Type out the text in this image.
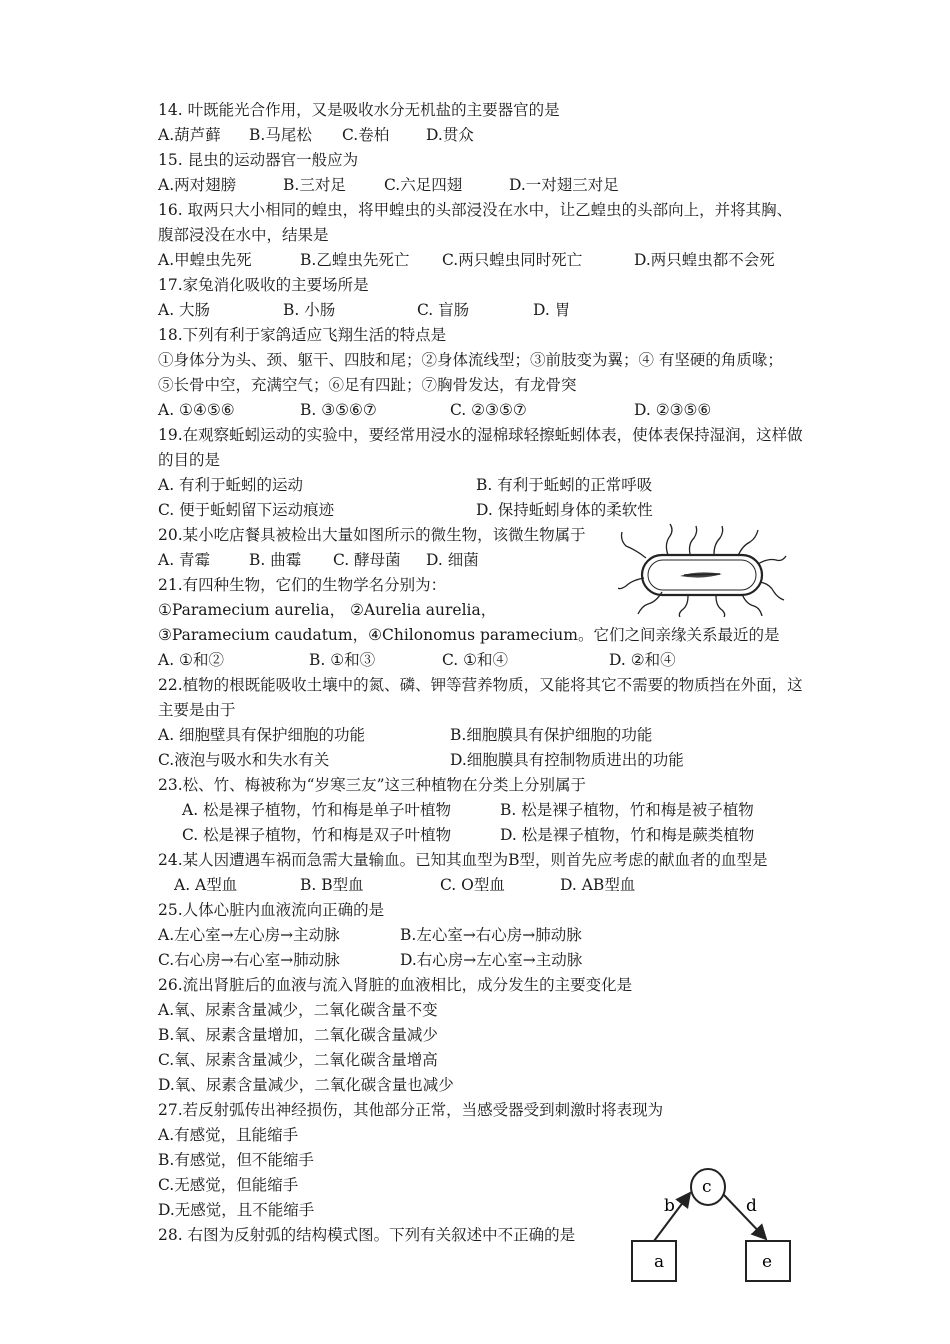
14. 叶既能光合作用，又是吸收水分无机盐的主要器官的是

A.葫芦藓

B.马尾松

C.卷柏

D.贯众

15. 昆虫的运动器官一般应为

A.两对翅膀

	B.三对足

C.六足四翅

	D.一对翅三对足

16. 取两只大小相同的蝗虫，将甲蝗虫的头部浸没在水中，让乙蝗虫的头部向上，并将其胸、
腹部浸没在水中，结果是

A.甲蝗虫先死

	B.乙蝗虫先死亡

C.两只蝗虫同时死亡

	D.两只蝗虫都不会死

17.家兔消化吸收的主要场所是

A. 大肠

	B. 小肠

	C. 盲肠

	D. 胃

18.下列有利于家鸽适应飞翔生活的特点是
①身体分为头、颈、躯干、四肢和尾；②身体流线型；③前肢变为翼；④ 有坚硬的角质喙；
⑤长骨中空，充满空气；⑥足有四趾；⑦胸骨发达，有龙骨突

A. ①④⑤⑥

	B. ③⑤⑥⑦

	C. ②③⑤⑦

	D. ②③⑤⑥

19.在观察蚯蚓运动的实验中，要经常用浸水的湿棉球轻擦蚯蚓体表，使体表保持湿润，这样做
的目的是

A. 有利于蚯蚓的运动

	B. 有利于蚯蚓的正常呼吸

C. 便于蚯蚓留下运动痕迹

	D. 保持蚯蚓身体的柔软性

20.某小吃店餐具被检出大量如图所示的微生物，该微生物属于

A. 青霉

	B. 曲霉

C. 酵母菌

D. 细菌

21.有四种生物，它们的生物学名分别为：
①Paramecium aurelia， ②Aurelia aurelia，
③Paramecium caudatum，④Chilonomus paramecium。它们之间亲缘关系最近的是

A. ①和②

	B. ①和③

	C. ①和④

	D. ②和④

22.植物的根既能吸收土壤中的氮、磷、钾等营养物质，又能将其它不需要的物质挡在外面，这
主要是由于

A. 细胞壁具有保护细胞的功能

	B.细胞膜具有保护细胞的功能

C.液泡与吸水和失水有关

	D.细胞膜具有控制物质进出的功能

23.松、竹、梅被称为“岁寒三友”这三种植物在分类上分别属于

A. 松是裸子植物，竹和梅是单子叶植物

	B. 松是裸子植物，竹和梅是被子植物

C. 松是裸子植物，竹和梅是双子叶植物

	D. 松是裸子植物，竹和梅是蕨类植物

24.某人因遭遇车祸而急需大量输血。已知其血型为B型，则首先应考虑的献血者的血型是

A. A型血

	B. B型血

	C. O型血

	D. AB型血

25.人体心脏内血液流向正确的是

A.左心室→左心房→主动脉

	B.左心室→右心房→肺动脉

C.右心房→右心室→肺动脉

	D.右心房→左心室→主动脉

26.流出肾脏后的血液与流入肾脏的血液相比，成分发生的主要变化是
A.氧、尿素含量减少，二氧化碳含量不变
B.氧、尿素含量增加，二氧化碳含量减少
C.氧、尿素含量减少，二氧化碳含量增高
D.氧、尿素含量减少，二氧化碳含量也减少
27.若反射弧传出神经损伤，其他部分正常，当感受器受到刺激时将表现为
A.有感觉，且能缩手
B.有感觉，但不能缩手
C.无感觉，但能缩手
D.无感觉，且不能缩手
28. 右图为反射弧的结构模式图。下列有关叙述中不正确的是
a
b
c
d
e
